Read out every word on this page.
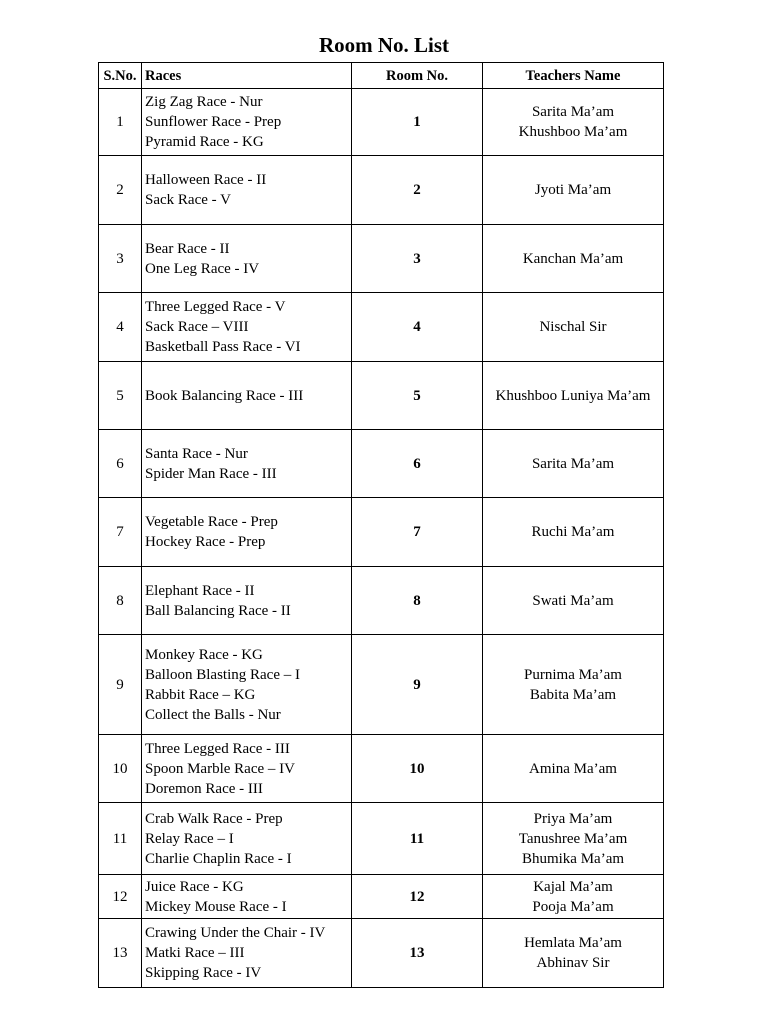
Room No. List
S.No.	Races	Room No.	Teachers Name
1	Zig Zag Race - Nur
Sunflower Race - Prep
Pyramid Race - KG	1	Sarita Ma’am
Khushboo Ma’am

2	Halloween Race - II
Sack Race - V	2	Jyoti Ma’am

3	Bear Race - II
One Leg Race - IV	3	Kanchan Ma’am

4	Three Legged Race - V
Sack Race – VIII
Basketball Pass Race - VI	4	Nischal Sir

5	Book Balancing Race - III	5	Khushboo Luniya Ma’am

6	Santa Race - Nur
Spider Man Race - III	6	Sarita Ma’am

7	Vegetable Race - Prep
Hockey Race - Prep	7	Ruchi Ma’am

8	Elephant Race - II
Ball Balancing Race - II	8	Swati Ma’am

9	Monkey Race - KG
Balloon Blasting Race – I
Rabbit Race – KG
Collect the Balls - Nur	9	Purnima Ma’am
Babita Ma’am

10	Three Legged Race - III
Spoon Marble Race – IV
Doremon Race - III	10	Amina Ma’am

11	Crab Walk Race - Prep
Relay Race – I
Charlie Chaplin Race - I	11	Priya Ma’am
Tanushree Ma’am
Bhumika Ma’am

12	Juice Race - KG
Mickey Mouse Race - I	12	Kajal Ma’am
Pooja Ma’am

13	Crawing Under the Chair - IV
Matki Race – III
Skipping Race - IV	13	Hemlata Ma’am
Abhinav Sir
